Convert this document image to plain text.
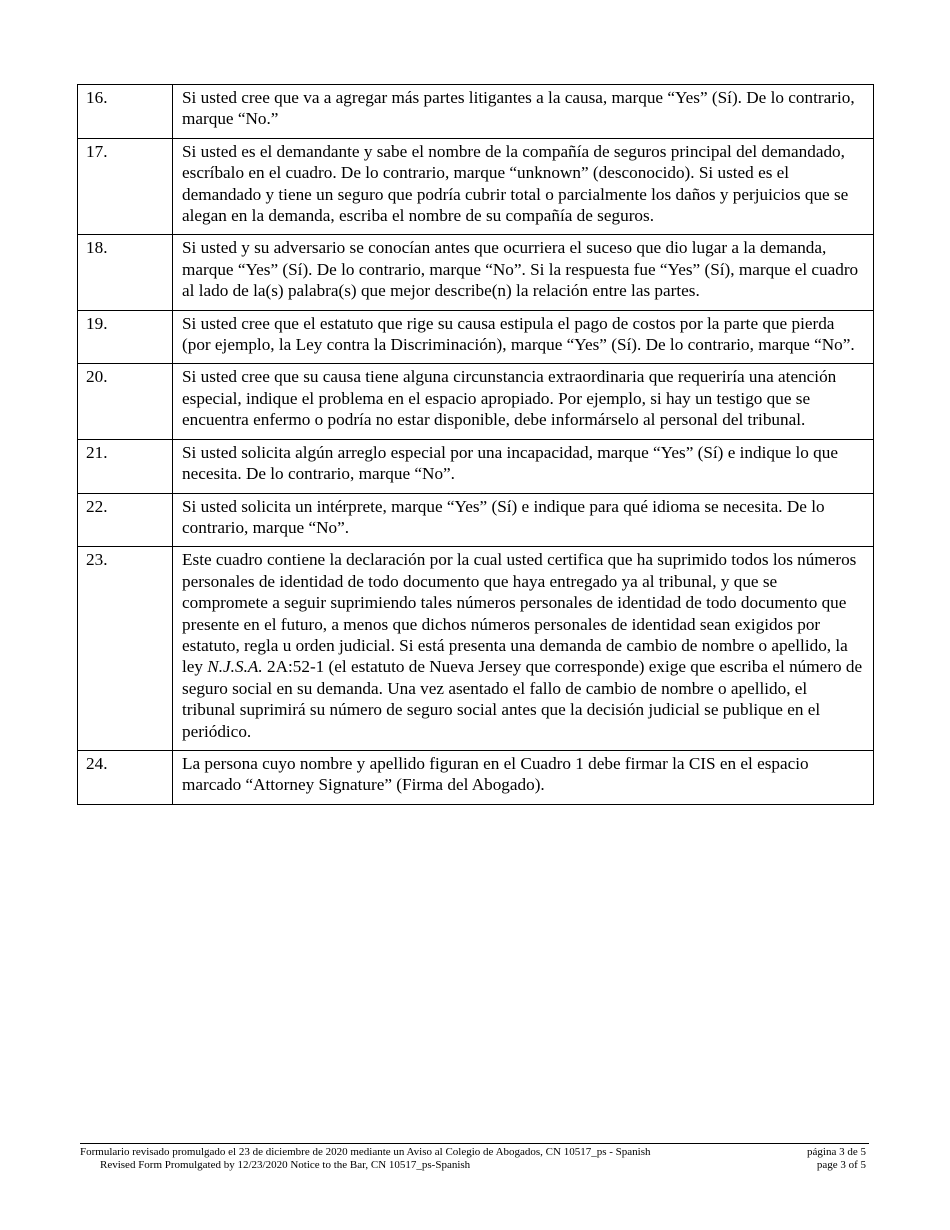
16.	Si usted cree que va a agregar más partes litigantes a la causa, marque “Yes” (Sí). De lo contrario, marque “No.”
17.	Si usted es el demandante y sabe el nombre de la compañía de seguros principal del demandado, escríbalo en el cuadro. De lo contrario, marque “unknown” (desconocido). Si usted es el demandado y tiene un seguro que podría cubrir total o parcialmente los daños y perjuicios que se alegan en la demanda, escriba el nombre de su compañía de seguros.
18.	Si usted y su adversario se conocían antes que ocurriera el suceso que dio lugar a la demanda, marque “Yes” (Sí). De lo contrario, marque “No”. Si la respuesta fue “Yes” (Sí), marque el cuadro al lado de la(s) palabra(s) que mejor describe(n) la relación entre las partes.
19.	Si usted cree que el estatuto que rige su causa estipula el pago de costos por la parte que pierda (por ejemplo, la Ley contra la Discriminación), marque “Yes” (Sí). De lo contrario, marque “No”.
20.	Si usted cree que su causa tiene alguna circunstancia extraordinaria que requeriría una atención especial, indique el problema en el espacio apropiado. Por ejemplo, si hay un testigo que se encuentra enfermo o podría no estar disponible, debe informárselo al personal del tribunal.
21.	Si usted solicita algún arreglo especial por una incapacidad, marque “Yes” (Sí) e indique lo que necesita. De lo contrario, marque “No”.
22.	Si usted solicita un intérprete, marque “Yes” (Sí) e indique para qué idioma se necesita. De lo contrario, marque “No”.
23.	Este cuadro contiene la declaración por la cual usted certifica que ha suprimido todos los números personales de identidad de todo documento que haya entregado ya al tribunal, y que se compromete a seguir suprimiendo tales números personales de identidad de todo documento que presente en el futuro, a menos que dichos números personales de identidad sean exigidos por estatuto, regla u orden judicial. Si está presenta una demanda de cambio de nombre o apellido, la ley N.J.S.A. 2A:52-1 (el estatuto de Nueva Jersey que corresponde) exige que escriba el número de seguro social en su demanda. Una vez asentado el fallo de cambio de nombre o apellido, el tribunal suprimirá su número de seguro social antes que la decisión judicial se publique en el periódico.
24.	La persona cuyo nombre y apellido figuran en el Cuadro 1 debe firmar la CIS en el espacio marcado “Attorney Signature” (Firma del Abogado).
Formulario revisado promulgado el 23 de diciembre de 2020 mediante un Aviso al Colegio de Abogados, CN 10517_ps - Spanish	página 3 de 5
Revised Form Promulgated by 12/23/2020 Notice to the Bar, CN 10517_ps-Spanish	page 3 of 5
